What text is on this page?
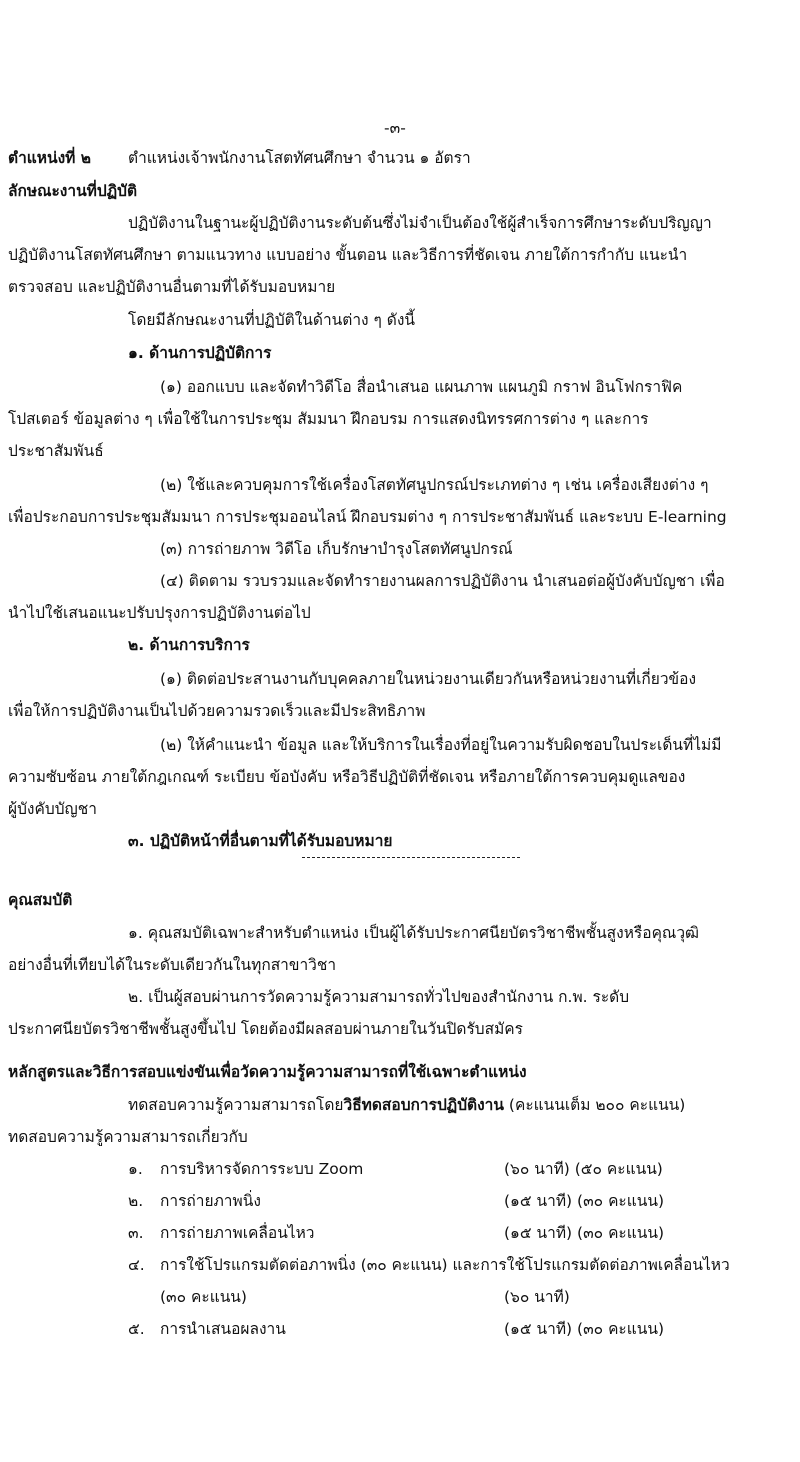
-๓-
ตำแหน่งที่ ๒ ตำแหน่งเจ้าพนักงานโสตทัศนศึกษา จำนวน ๑ อัตรา
ลักษณะงานที่ปฏิบัติ
ปฏิบัติงานในฐานะผู้ปฏิบัติงานระดับต้นซึ่งไม่จำเป็นต้องใช้ผู้สำเร็จการศึกษาระดับปริญญา
ปฏิบัติงานโสตทัศนศึกษา ตามแนวทาง แบบอย่าง ขั้นตอน และวิธีการที่ชัดเจน ภายใต้การกำกับ แนะนำ
ตรวจสอบ และปฏิบัติงานอื่นตามที่ได้รับมอบหมาย
โดยมีลักษณะงานที่ปฏิบัติในด้านต่าง ๆ ดังนี้
๑. ด้านการปฏิบัติการ
(๑) ออกแบบ และจัดทำวิดีโอ สื่อนำเสนอ แผนภาพ แผนภูมิ กราฟ อินโฟกราฟิค
โปสเตอร์ ข้อมูลต่าง ๆ เพื่อใช้ในการประชุม สัมมนา ฝึกอบรม การแสดงนิทรรศการต่าง ๆ และการ
ประชาสัมพันธ์
(๒) ใช้และควบคุมการใช้เครื่องโสตทัศนูปกรณ์ประเภทต่าง ๆ เช่น เครื่องเสียงต่าง ๆ
เพื่อประกอบการประชุมสัมมนา การประชุมออนไลน์ ฝึกอบรมต่าง ๆ การประชาสัมพันธ์ และระบบ E-learning
(๓) การถ่ายภาพ วิดีโอ เก็บรักษาบำรุงโสตทัศนูปกรณ์
(๔) ติดตาม รวบรวมและจัดทำรายงานผลการปฏิบัติงาน นำเสนอต่อผู้บังคับบัญชา เพื่อ
นำไปใช้เสนอแนะปรับปรุงการปฏิบัติงานต่อไป
๒. ด้านการบริการ
(๑) ติดต่อประสานงานกับบุคคลภายในหน่วยงานเดียวกันหรือหน่วยงานที่เกี่ยวข้อง
เพื่อให้การปฏิบัติงานเป็นไปด้วยความรวดเร็วและมีประสิทธิภาพ
(๒) ให้คำแนะนำ ข้อมูล และให้บริการในเรื่องที่อยู่ในความรับผิดชอบในประเด็นที่ไม่มี
ความซับซ้อน ภายใต้กฎเกณฑ์ ระเบียบ ข้อบังคับ หรือวิธีปฏิบัติที่ชัดเจน หรือภายใต้การควบคุมดูแลของ
ผู้บังคับบัญชา
๓. ปฏิบัติหน้าที่อื่นตามที่ได้รับมอบหมาย
คุณสมบัติ
๑. คุณสมบัติเฉพาะสำหรับตำแหน่ง เป็นผู้ได้รับประกาศนียบัตรวิชาชีพชั้นสูงหรือคุณวุฒิ
อย่างอื่นที่เทียบได้ในระดับเดียวกันในทุกสาขาวิชา
๒. เป็นผู้สอบผ่านการวัดความรู้ความสามารถทั่วไปของสำนักงาน ก.พ. ระดับ
ประกาศนียบัตรวิชาชีพชั้นสูงขึ้นไป โดยต้องมีผลสอบผ่านภายในวันปิดรับสมัคร
หลักสูตรและวิธีการสอบแข่งขันเพื่อวัดความรู้ความสามารถที่ใช้เฉพาะตำแหน่ง
ทดสอบความรู้ความสามารถโดยวิธีทดสอบการปฏิบัติงาน (คะแนนเต็ม ๒๐๐ คะแนน)
ทดสอบความรู้ความสามารถเกี่ยวกับ
๑. การบริหารจัดการระบบ Zoom	(๖๐ นาที) (๕๐ คะแนน)
๒. การถ่ายภาพนิ่ง	(๑๕ นาที) (๓๐ คะแนน)
๓. การถ่ายภาพเคลื่อนไหว	(๑๕ นาที) (๓๐ คะแนน)
๔. การใช้โปรแกรมตัดต่อภาพนิ่ง (๓๐ คะแนน) และการใช้โปรแกรมตัดต่อภาพเคลื่อนไหว
(๓๐ คะแนน)	(๖๐ นาที)
๕. การนำเสนอผลงาน	(๑๕ นาที) (๓๐ คะแนน)
